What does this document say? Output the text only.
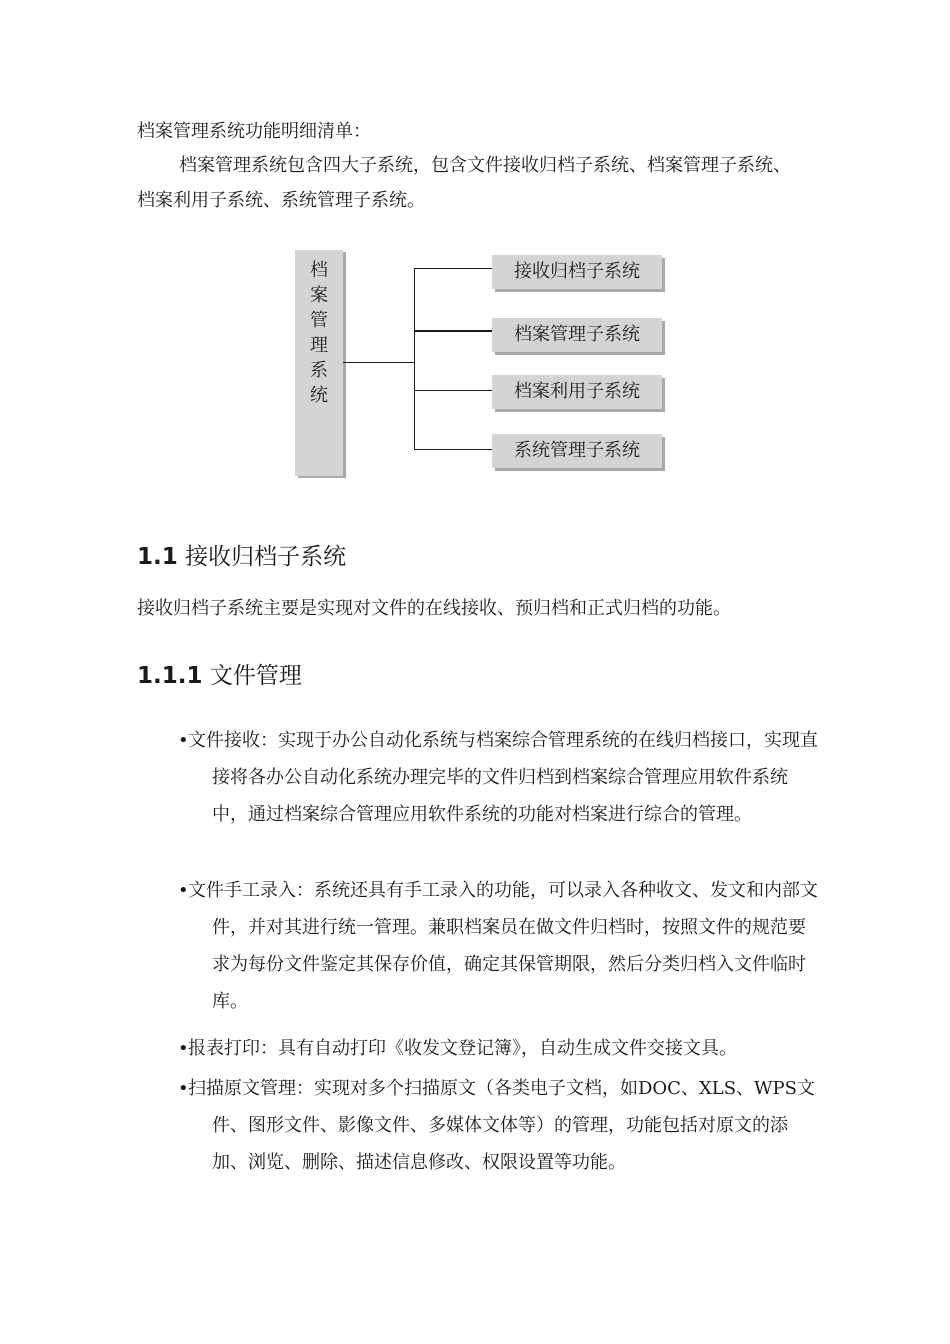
档案管理系统功能明细清单：
档案管理系统包含四大子系统，包含文件接收归档子系统、档案管理子系统、
档案利用子系统、系统管理子系统。
档案管理系统
接收归档子系统
档案管理子系统
档案利用子系统
系统管理子系统
1.1 接收归档子系统
接收归档子系统主要是实现对文件的在线接收、预归档和正式归档的功能。
1.1.1 文件管理
• 文件接收：实现于办公自动化系统与档案综合管理系统的在线归档接口，实现直接将各办公自动化系统办理完毕的文件归档到档案综合管理应用软件系统中，通过档案综合管理应用软件系统的功能对档案进行综合的管理。
• 文件手工录入：系统还具有手工录入的功能，可以录入各种收文、发文和内部文件，并对其进行统一管理。兼职档案员在做文件归档时，按照文件的规范要求为每份文件鉴定其保存价值，确定其保管期限，然后分类归档入文件临时库。
• 报表打印：具有自动打印《收发文登记簿》，自动生成文件交接文具。
• 扫描原文管理：实现对多个扫描原文（各类电子文档，如DOC、XLS、WPS文件、图形文件、影像文件、多媒体文体等）的管理，功能包括对原文的添加、浏览、删除、描述信息修改、权限设置等功能。
